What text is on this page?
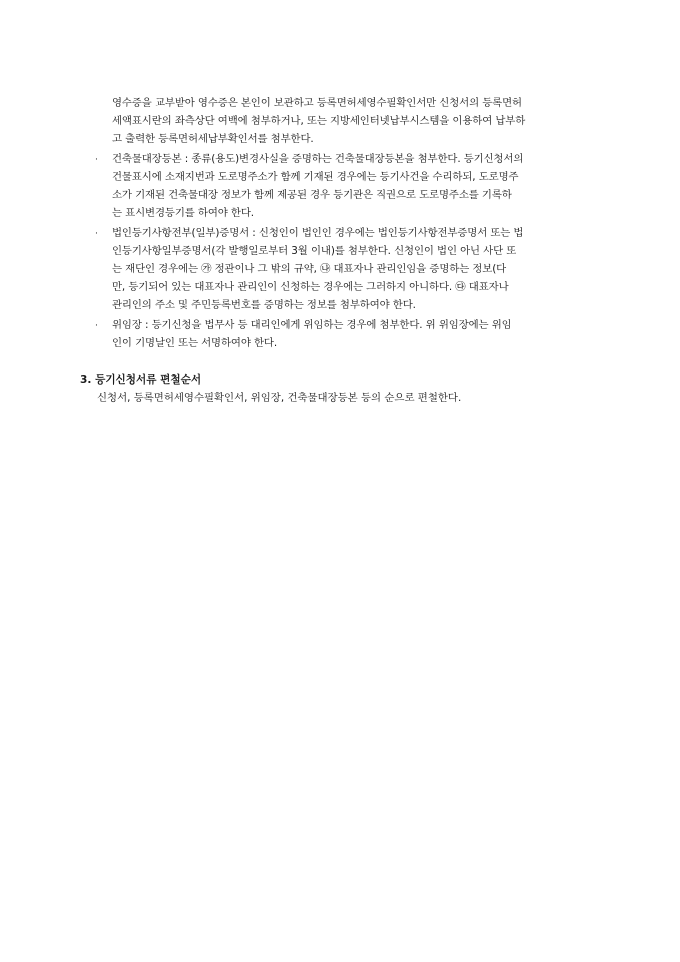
영수증을 교부받아 영수증은 본인이 보관하고 등록면허세영수필확인서만 신청서의 등록면허
세액표시란의 좌측상단 여백에 첨부하거나, 또는 지방세인터넷납부시스템을 이용하여 납부하
고 출력한 등록면허세납부확인서를 첨부한다.
· 건축물대장등본 : 종류(용도)변경사실을 증명하는 건축물대장등본을 첨부한다. 등기신청서의
건물표시에 소재지번과 도로명주소가 함께 기재된 경우에는 등기사건을 수리하되, 도로명주
소가 기재된 건축물대장 정보가 함께 제공된 경우 등기관은 직권으로 도로명주소를 기록하
는 표시변경등기를 하여야 한다.
· 법인등기사항전부(일부)증명서 : 신청인이 법인인 경우에는 법인등기사항전부증명서 또는 법
인등기사항일부증명서(각 발행일로부터 3월 이내)를 첨부한다. 신청인이 법인 아닌 사단 또
는 재단인 경우에는 ㉮ 정관이나 그 밖의 규약, ㉯ 대표자나 관리인임을 증명하는 정보(다
만, 등기되어 있는 대표자나 관리인이 신청하는 경우에는 그러하지 아니하다. ㉰ 대표자나
관리인의 주소 및 주민등록번호를 증명하는 정보를 첨부하여야 한다.
· 위임장 : 등기신청을 법무사 등 대리인에게 위임하는 경우에 첨부한다. 위 위임장에는 위임
인이 기명날인 또는 서명하여야 한다.
3. 등기신청서류 편철순서
신청서, 등록면허세영수필확인서, 위임장, 건축물대장등본 등의 순으로 편철한다.
